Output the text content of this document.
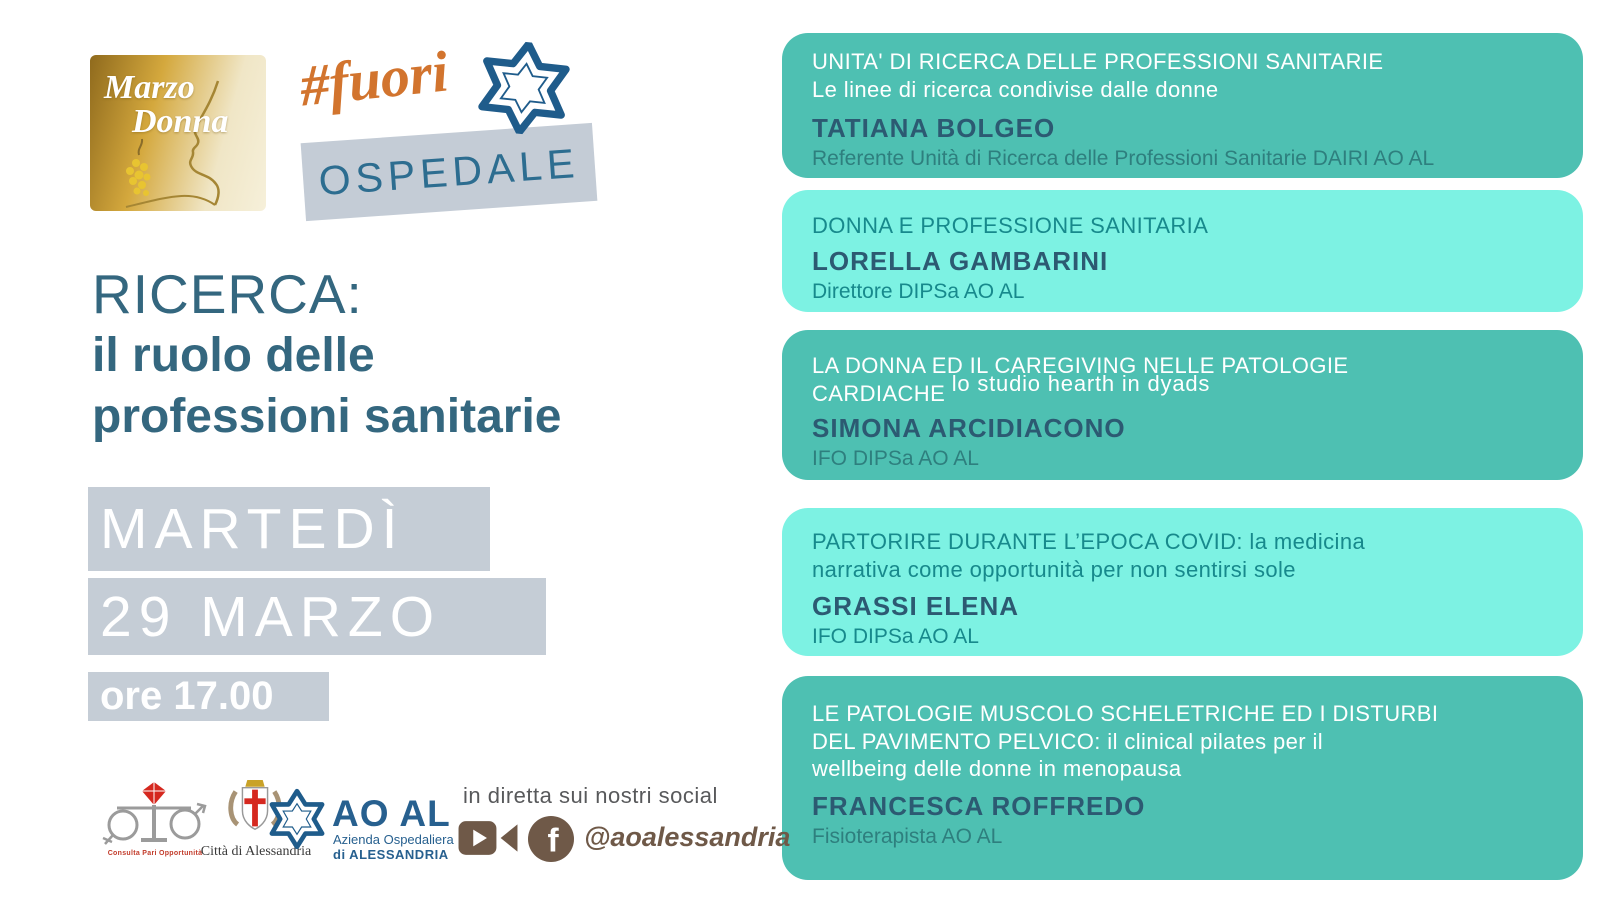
Marzo
Donna
OSPEDALE
#fuori
RICERCA:
il ruolo delle
professioni sanitarie
MARTEDÌ
29 MARZO
ore 17.00
UNITA' DI RICERCA DELLE PROFESSIONI SANITARIE
Le linee di ricerca condivise dalle donne
TATIANA BOLGEO
Referente Unità di Ricerca delle Professioni Sanitarie DAIRI AO AL
DONNA E PROFESSIONE SANITARIA
LORELLA GAMBARINI
Direttore DIPSa AO AL
LA DONNA ED IL CAREGIVING NELLE PATOLOGIE
CARDIACHE lo studio hearth in dyads
SIMONA ARCIDIACONO
IFO DIPSa AO AL
PARTORIRE DURANTE L’EPOCA COVID: la medicina
narrativa come opportunità per non sentirsi sole
GRASSI ELENA
IFO DIPSa AO AL
LE PATOLOGIE MUSCOLO SCHELETRICHE ED I DISTURBI
DEL PAVIMENTO PELVICO: il clinical pilates per il
wellbeing delle donne in menopausa
FRANCESCA ROFFREDO
Fisioterapista AO AL
Consulta Pari Opportunità
Città di Alessandria
AO AL
Azienda Ospedaliera
di ALESSANDRIA
in diretta sui nostri social
f @aoalessandria
